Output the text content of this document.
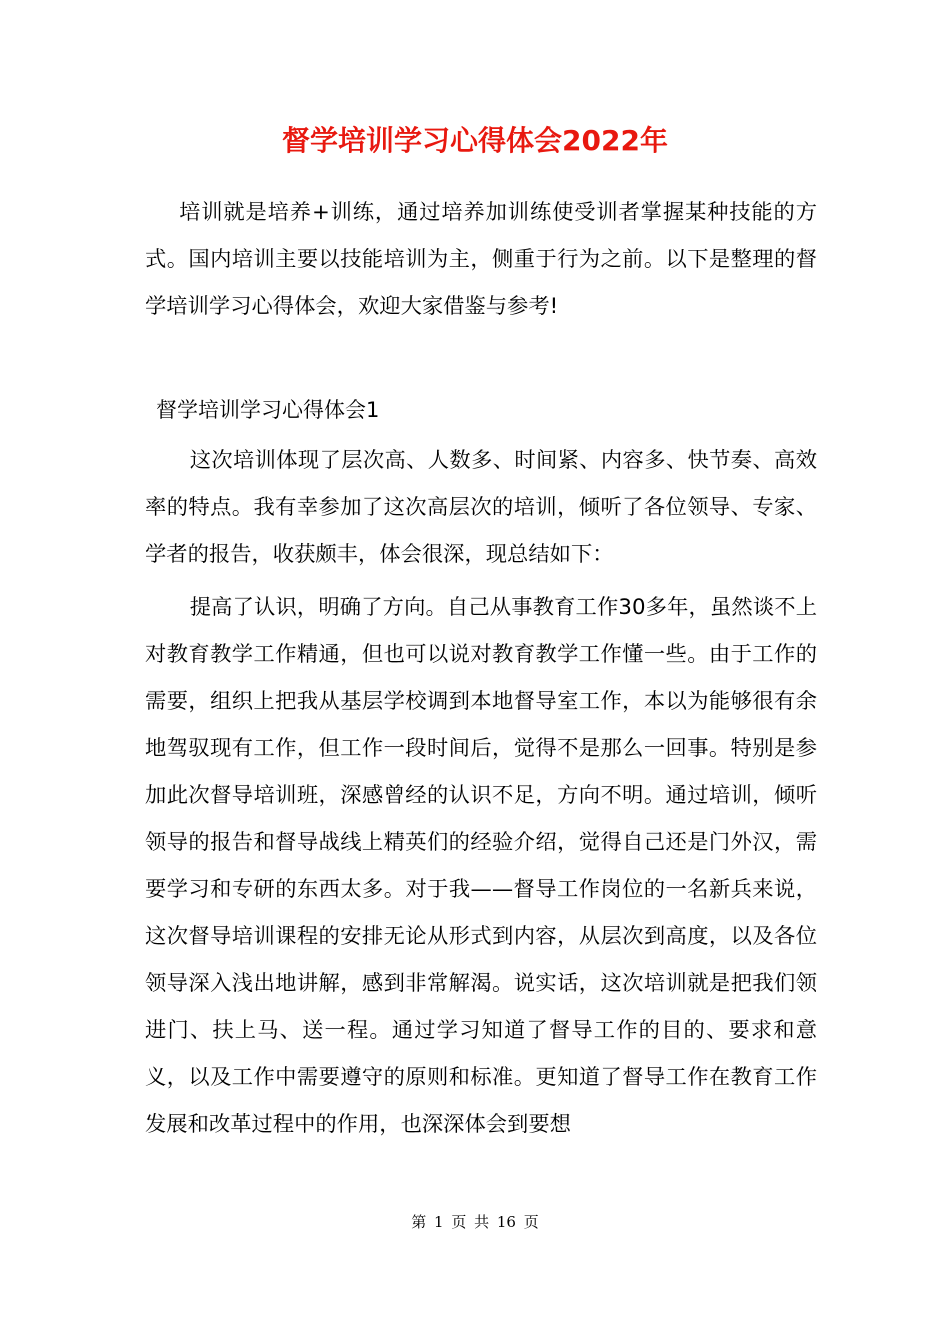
督学培训学习心得体会2022年

培训就是培养+训练，通过培养加训练使受训者掌握某种技能的方式。国内培训主要以技能培训为主，侧重于行为之前。以下是整理的督学培训学习心得体会，欢迎大家借鉴与参考!

督学培训学习心得体会1

这次培训体现了层次高、人数多、时间紧、内容多、快节奏、高效率的特点。我有幸参加了这次高层次的培训，倾听了各位领导、专家、学者的报告，收获颇丰，体会很深，现总结如下：

提高了认识，明确了方向。自己从事教育工作30多年，虽然谈不上对教育教学工作精通，但也可以说对教育教学工作懂一些。由于工作的需要，组织上把我从基层学校调到本地督导室工作，本以为能够很有余地驾驭现有工作，但工作一段时间后，觉得不是那么一回事。特别是参加此次督导培训班，深感曾经的认识不足，方向不明。通过培训，倾听领导的报告和督导战线上精英们的经验介绍，觉得自己还是门外汉，需要学习和专研的东西太多。对于我——督导工作岗位的一名新兵来说，这次督导培训课程的安排无论从形式到内容，从层次到高度，以及各位领导深入浅出地讲解，感到非常解渴。说实话，这次培训就是把我们领进门、扶上马、送一程。通过学习知道了督导工作的目的、要求和意义，以及工作中需要遵守的原则和标准。更知道了督导工作在教育工作发展和改革过程中的作用，也深深体会到要想

第 1 页 共 16 页
